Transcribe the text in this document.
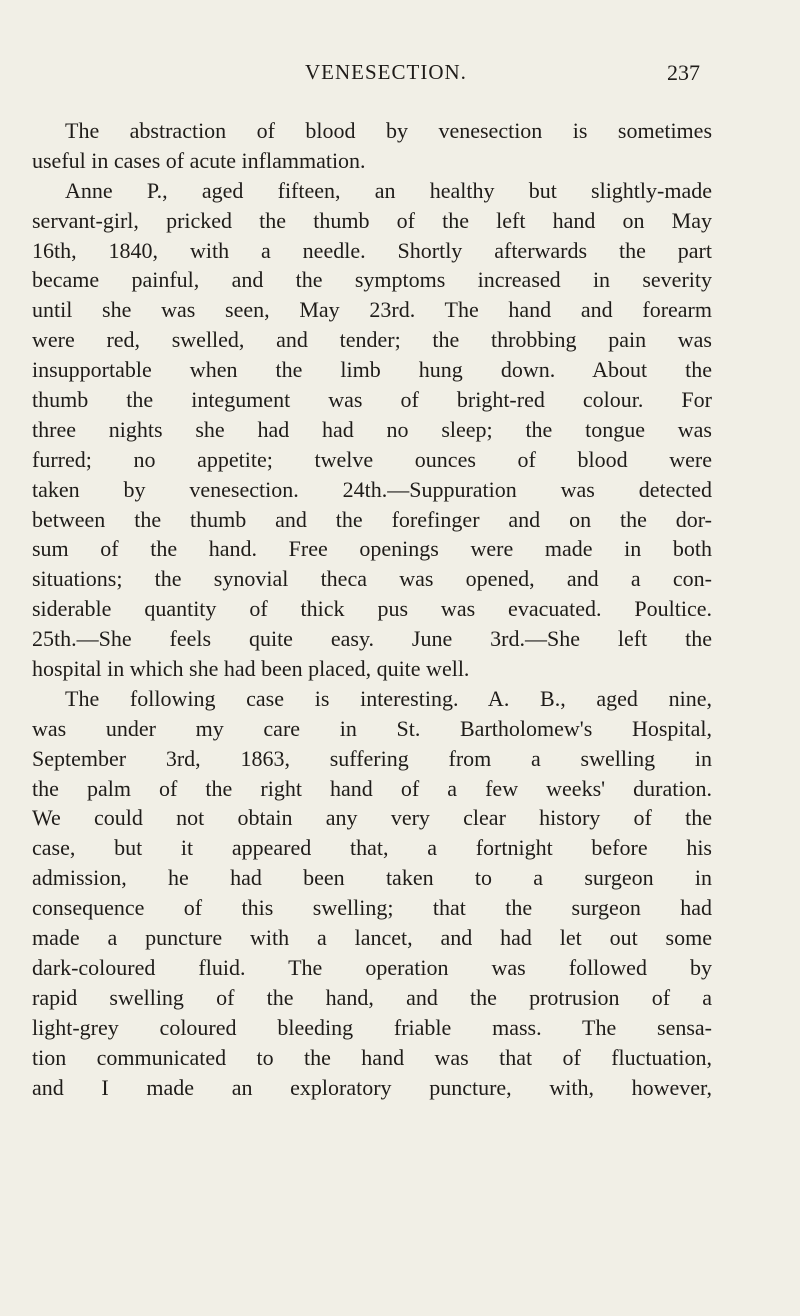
VENESECTION.	237
The abstraction of blood by venesection is sometimes
useful in cases of acute inflammation.
Anne P., aged fifteen, an healthy but slightly-made
servant-girl, pricked the thumb of the left hand on May
16th, 1840, with a needle. Shortly afterwards the part
became painful, and the symptoms increased in severity
until she was seen, May 23rd. The hand and forearm
were red, swelled, and tender; the throbbing pain was
insupportable when the limb hung down. About the
thumb the integument was of bright-red colour. For
three nights she had had no sleep; the tongue was
furred; no appetite; twelve ounces of blood were
taken by venesection. 24th.—Suppuration was detected
between the thumb and the forefinger and on the dor-
sum of the hand. Free openings were made in both
situations; the synovial theca was opened, and a con-
siderable quantity of thick pus was evacuated. Poultice.
25th.—She feels quite easy. June 3rd.—She left the
hospital in which she had been placed, quite well.
The following case is interesting. A. B., aged nine,
was under my care in St. Bartholomew's Hospital,
September 3rd, 1863, suffering from a swelling in
the palm of the right hand of a few weeks' duration.
We could not obtain any very clear history of the
case, but it appeared that, a fortnight before his
admission, he had been taken to a surgeon in
consequence of this swelling; that the surgeon had
made a puncture with a lancet, and had let out some
dark-coloured fluid. The operation was followed by
rapid swelling of the hand, and the protrusion of a
light-grey coloured bleeding friable mass. The sensa-
tion communicated to the hand was that of fluctuation,
and I made an exploratory puncture, with, however,
